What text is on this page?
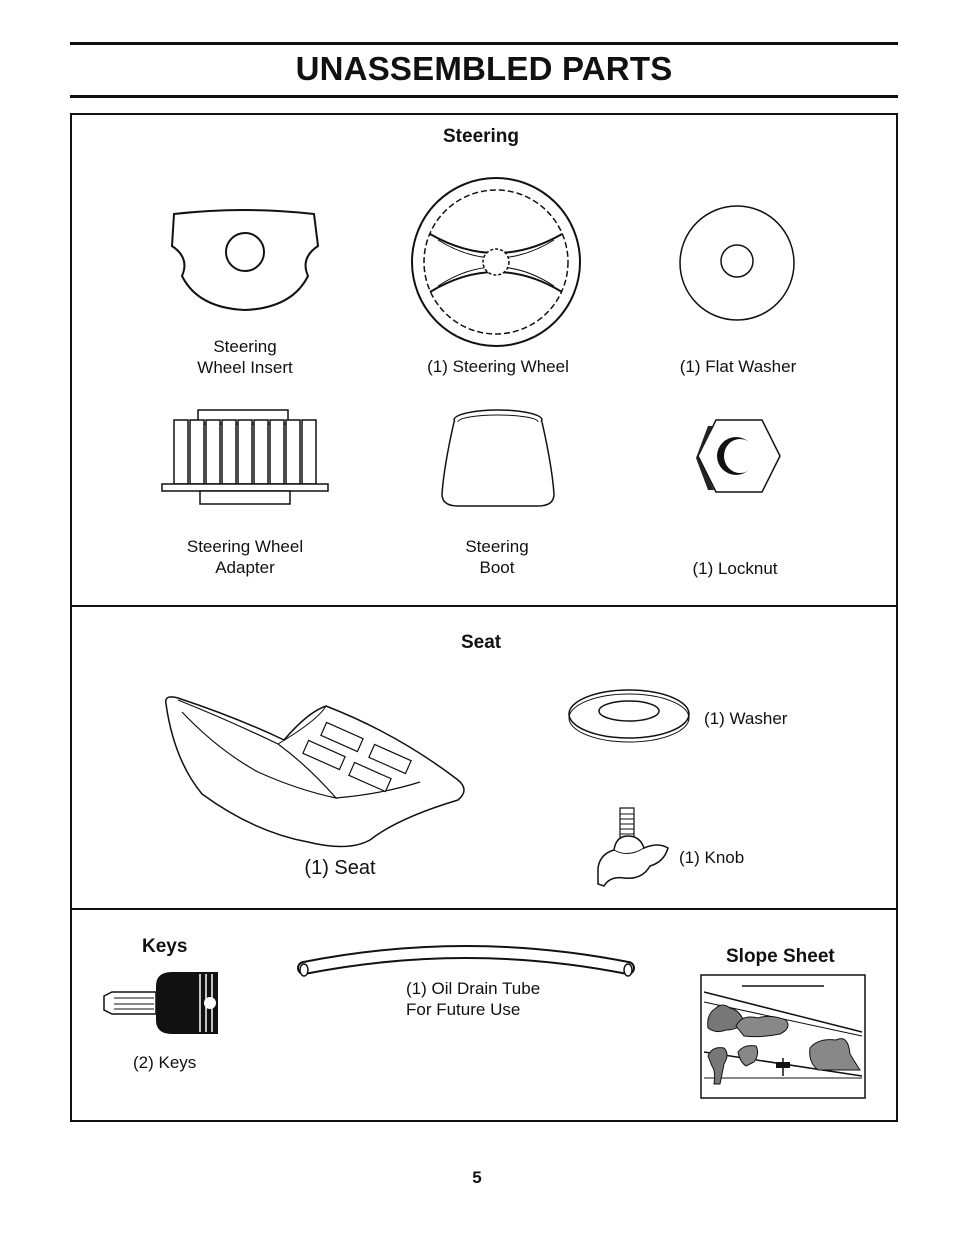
UNASSEMBLED PARTS
Steering
Steering
Wheel Insert	(1) Steering Wheel	(1) Flat Washer
Steering Wheel
Adapter
Steering
Boot	(1) Locknut
Seat
(1) Seat
(1) Washer
(1) Knob
Keys
(2) Keys
(1) Oil Drain Tube
For Future Use
Slope Sheet
5
